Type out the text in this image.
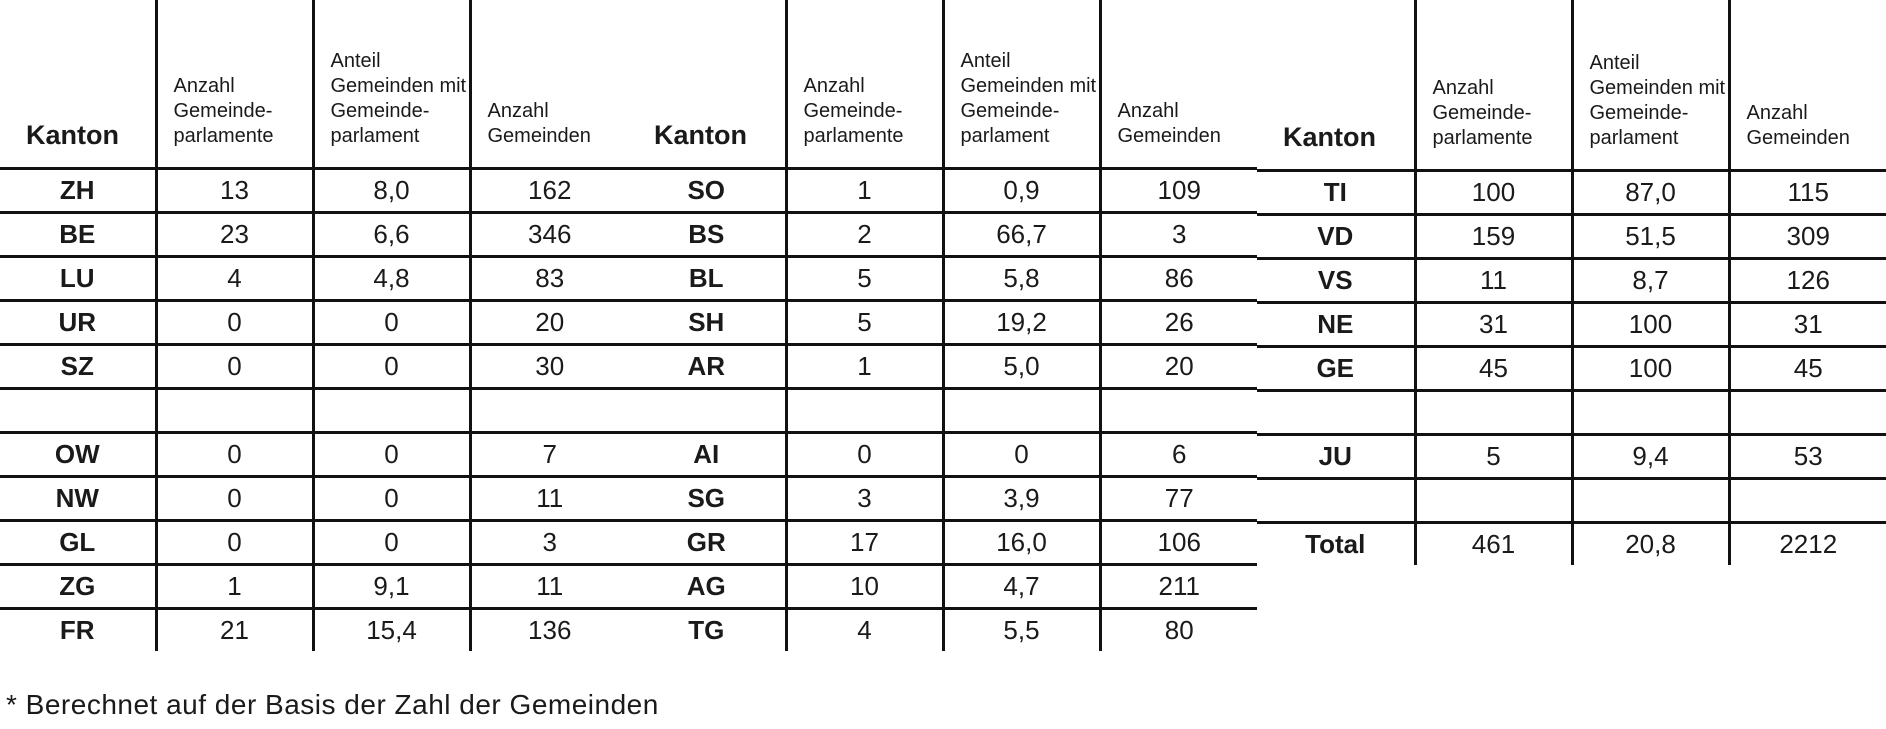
Kanton	Anzahl Gemeinde-parlamente	Anteil Gemeinden mit Gemeinde-parlament	Anzahl Gemeinden
ZH	13	8,0	162
BE	23	6,6	346
LU	4	4,8	83
UR	0	0	20
SZ	0	0	30

OW	0	0	7
NW	0	0	11
GL	0	0	3
ZG	1	9,1	11
FR	21	15,4	136
Kanton	Anzahl Gemeinde-parlamente	Anteil Gemeinden mit Gemeinde-parlament	Anzahl Gemeinden
SO	1	0,9	109
BS	2	66,7	3
BL	5	5,8	86
SH	5	19,2	26
AR	1	5,0	20

AI	0	0	6
SG	3	3,9	77
GR	17	16,0	106
AG	10	4,7	211
TG	4	5,5	80
Kanton	Anzahl Gemeinde-parlamente	Anteil Gemeinden mit Gemeinde-parlament	Anzahl Gemeinden
TI	100	87,0	115
VD	159	51,5	309
VS	11	8,7	126
NE	31	100	31
GE	45	100	45

JU	5	9,4	53

Total	461	20,8	2212
* Berechnet auf der Basis der Zahl der Gemeinden
